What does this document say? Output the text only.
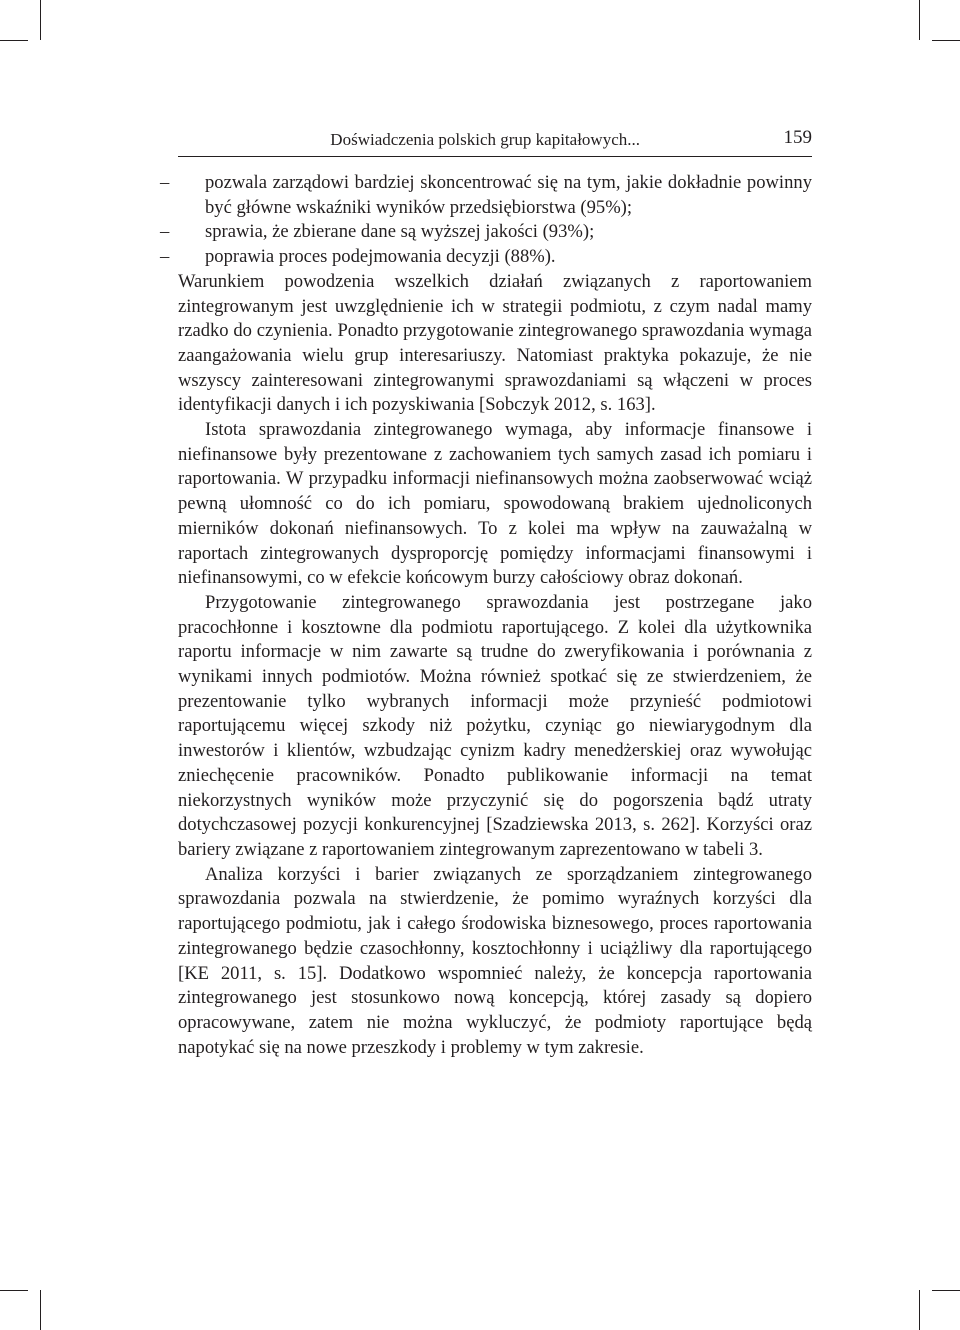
Doświadczenia polskich grup kapitałowych...	159
– pozwala zarządowi bardziej skoncentrować się na tym, jakie dokładnie powinny być główne wskaźniki wyników przedsiębiorstwa (95%);
– sprawia, że zbierane dane są wyższej jakości (93%);
– poprawia proces podejmowania decyzji (88%).

Warunkiem powodzenia wszelkich działań związanych z raportowaniem zintegrowanym jest uwzględnienie ich w strategii podmiotu, z czym nadal mamy rzadko do czynienia. Ponadto przygotowanie zintegrowanego sprawozdania wymaga zaangażowania wielu grup interesariuszy. Natomiast praktyka pokazuje, że nie wszyscy zainteresowani zintegrowanymi sprawozdaniami są włączeni w proces identyfikacji danych i ich pozyskiwania [Sobczyk 2012, s. 163].

Istota sprawozdania zintegrowanego wymaga, aby informacje finansowe i niefinansowe były prezentowane z zachowaniem tych samych zasad ich pomiaru i raportowania. W przypadku informacji niefinansowych można zaobserwować wciąż pewną ułomność co do ich pomiaru, spowodowaną brakiem ujednoliconych mierników dokonań niefinansowych. To z kolei ma wpływ na zauważalną w raportach zintegrowanych dysproporcję pomiędzy informacjami finansowymi i niefinansowymi, co w efekcie końcowym burzy całościowy obraz dokonań.

Przygotowanie zintegrowanego sprawozdania jest postrzegane jako pracochłonne i kosztowne dla podmiotu raportującego. Z kolei dla użytkownika raportu informacje w nim zawarte są trudne do zweryfikowania i porównania z wynikami innych podmiotów. Można również spotkać się ze stwierdzeniem, że prezentowanie tylko wybranych informacji może przynieść podmiotowi raportującemu więcej szkody niż pożytku, czyniąc go niewiarygodnym dla inwestorów i klientów, wzbudzając cynizm kadry menedżerskiej oraz wywołując zniechęcenie pracowników. Ponadto publikowanie informacji na temat niekorzystnych wyników może przyczynić się do pogorszenia bądź utraty dotychczasowej pozycji konkurencyjnej [Szadziewska 2013, s. 262]. Korzyści oraz bariery związane z raportowaniem zintegrowanym zaprezentowano w tabeli 3.

Analiza korzyści i barier związanych ze sporządzaniem zintegrowanego sprawozdania pozwala na stwierdzenie, że pomimo wyraźnych korzyści dla raportującego podmiotu, jak i całego środowiska biznesowego, proces raportowania zintegrowanego będzie czasochłonny, kosztochłonny i uciążliwy dla raportującego [KE 2011, s. 15]. Dodatkowo wspomnieć należy, że koncepcja raportowania zintegrowanego jest stosunkowo nową koncepcją, której zasady są dopiero opracowywane, zatem nie można wykluczyć, że podmioty raportujące będą napotykać się na nowe przeszkody i problemy w tym zakresie.
